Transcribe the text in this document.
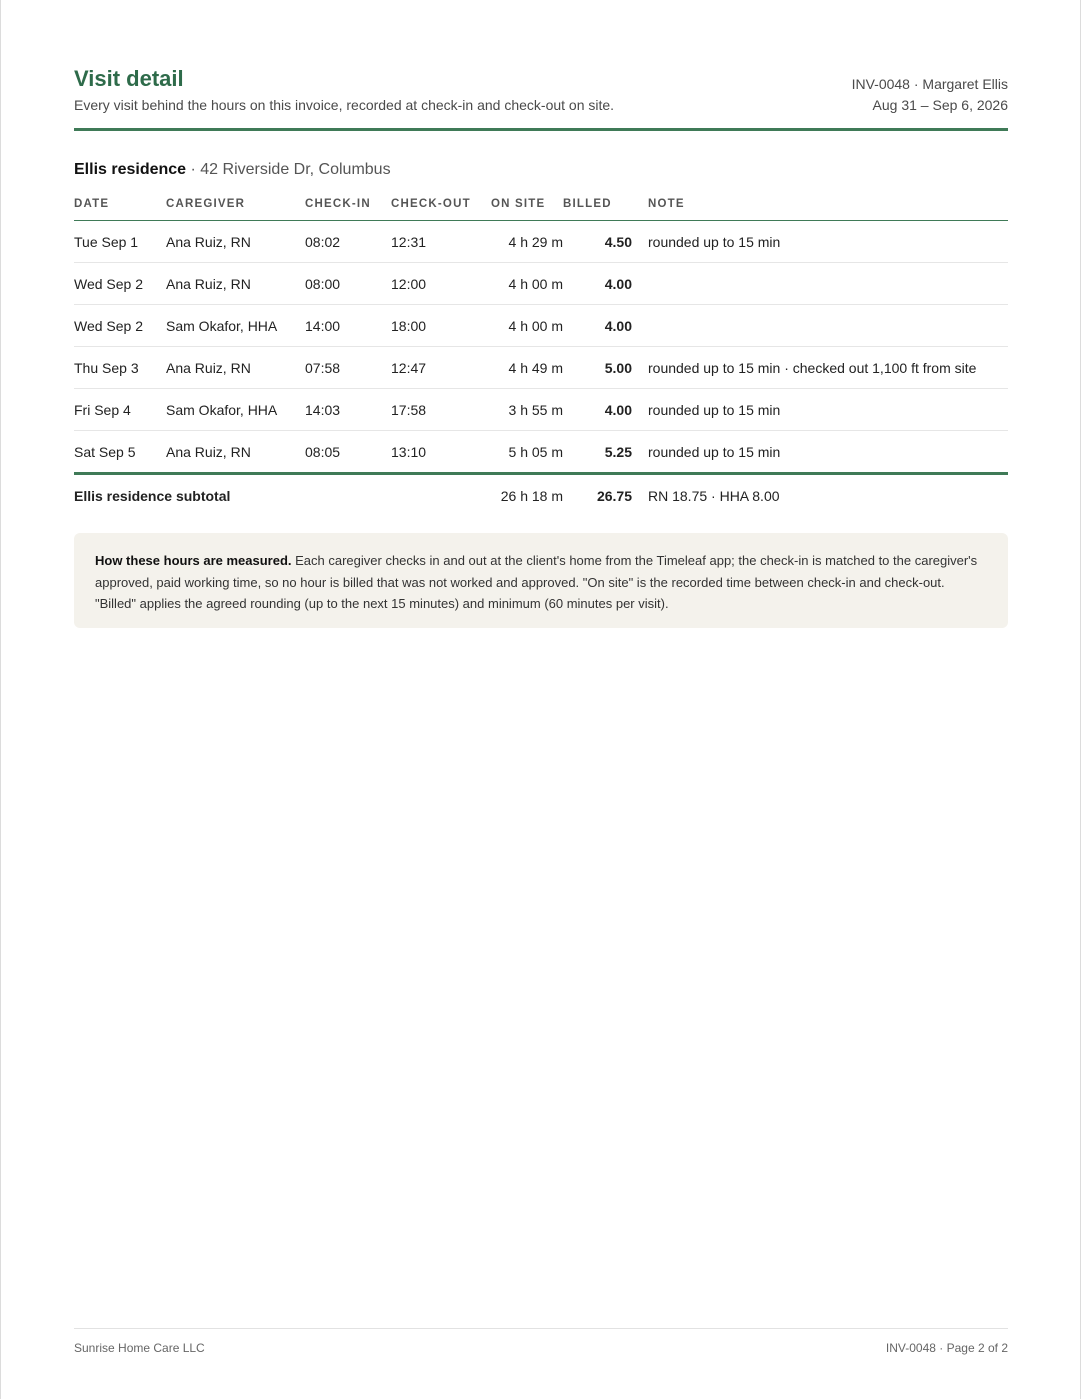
Visit detail
Every visit behind the hours on this invoice, recorded at check-in and check-out on site.
INV-0048 · Margaret Ellis
Aug 31 – Sep 6, 2026
Ellis residence · 42 Riverside Dr, Columbus
DATE	CAREGIVER	CHECK-IN	CHECK-OUT	ON SITE	BILLED	NOTE
Tue Sep 1	Ana Ruiz, RN	08:02	12:31	4 h 29 m	4.50	rounded up to 15 min
Wed Sep 2	Ana Ruiz, RN	08:00	12:00	4 h 00 m	4.00	
Wed Sep 2	Sam Okafor, HHA	14:00	18:00	4 h 00 m	4.00	
Thu Sep 3	Ana Ruiz, RN	07:58	12:47	4 h 49 m	5.00	rounded up to 15 min · checked out 1,100 ft from site
Fri Sep 4	Sam Okafor, HHA	14:03	17:58	3 h 55 m	4.00	rounded up to 15 min
Sat Sep 5	Ana Ruiz, RN	08:05	13:10	5 h 05 m	5.25	rounded up to 15 min
Ellis residence subtotal				26 h 18 m	26.75	RN 18.75 · HHA 8.00
How these hours are measured. Each caregiver checks in and out at the client's home from the Timeleaf app; the check-in is matched to the caregiver's approved, paid working time, so no hour is billed that was not worked and approved. "On site" is the recorded time between check-in and check-out. "Billed" applies the agreed rounding (up to the next 15 minutes) and minimum (60 minutes per visit).
Sunrise Home Care LLC	INV-0048 · Page 2 of 2
